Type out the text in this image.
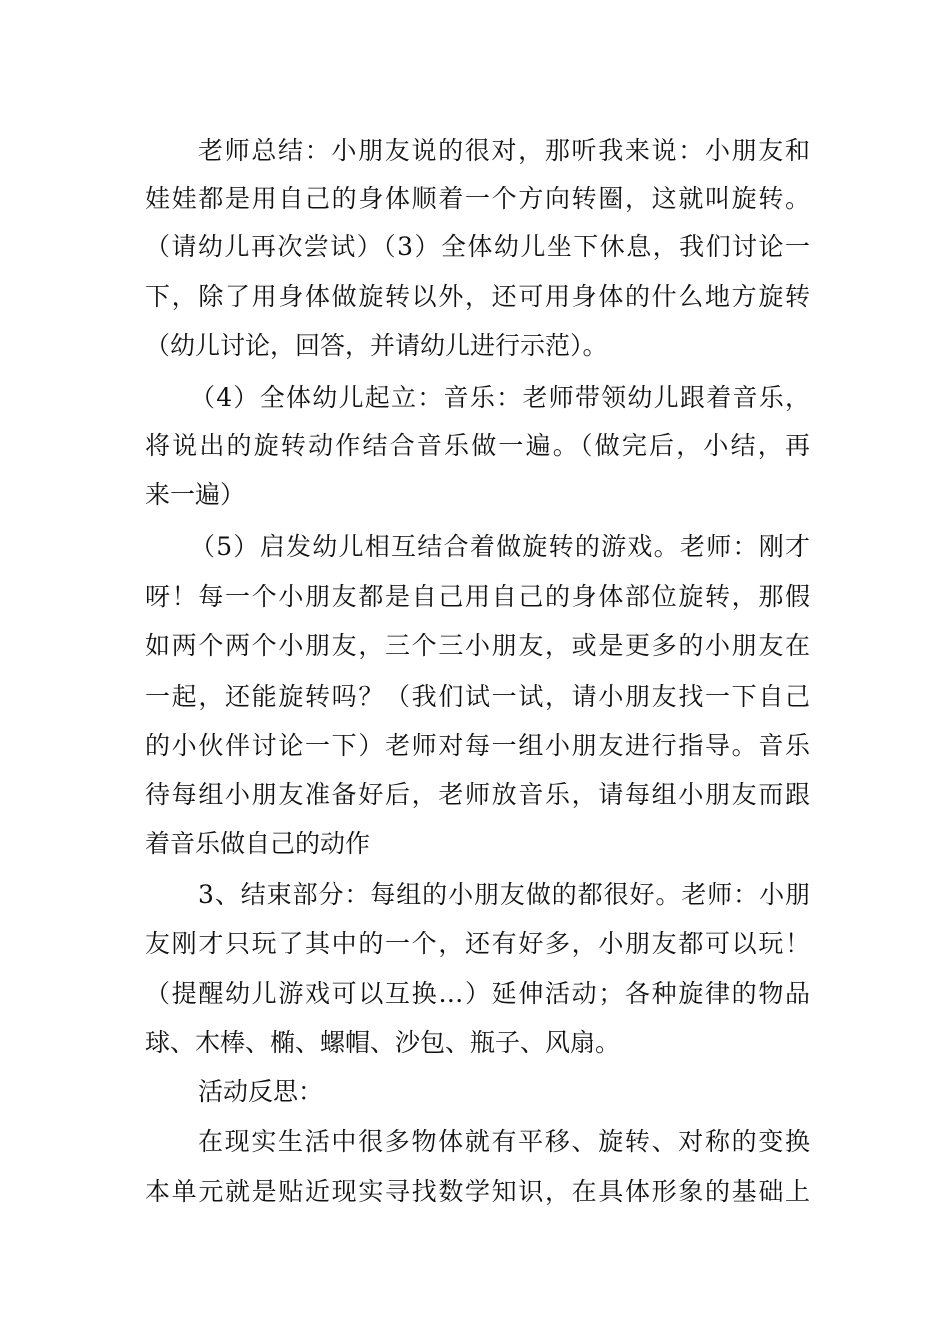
老师总结：小朋友说的很对，那听我来说：小朋友和
娃娃都是用自己的身体顺着一个方向转圈，这就叫旋转。
（请幼儿再次尝试）（3）全体幼儿坐下休息，我们讨论一
下，除了用身体做旋转以外，还可用身体的什么地方旋转
（幼儿讨论，回答，并请幼儿进行示范）。
（4）全体幼儿起立：音乐：老师带领幼儿跟着音乐，
将说出的旋转动作结合音乐做一遍。（做完后，小结，再
来一遍）
（5）启发幼儿相互结合着做旋转的游戏。老师：刚才
呀！每一个小朋友都是自己用自己的身体部位旋转，那假
如两个两个小朋友，三个三小朋友，或是更多的小朋友在
一起，还能旋转吗？（我们试一试，请小朋友找一下自己
的小伙伴讨论一下）老师对每一组小朋友进行指导。音乐
待每组小朋友准备好后，老师放音乐，请每组小朋友而跟
着音乐做自己的动作
3、结束部分：每组的小朋友做的都很好。老师：小朋
友刚才只玩了其中的一个，还有好多，小朋友都可以玩！
（提醒幼儿游戏可以互换…）延伸活动；各种旋律的物品
球、木棒、椭、螺帽、沙包、瓶子、风扇。
活动反思：
在现实生活中很多物体就有平移、旋转、对称的变换
本单元就是贴近现实寻找数学知识，在具体形象的基础上
